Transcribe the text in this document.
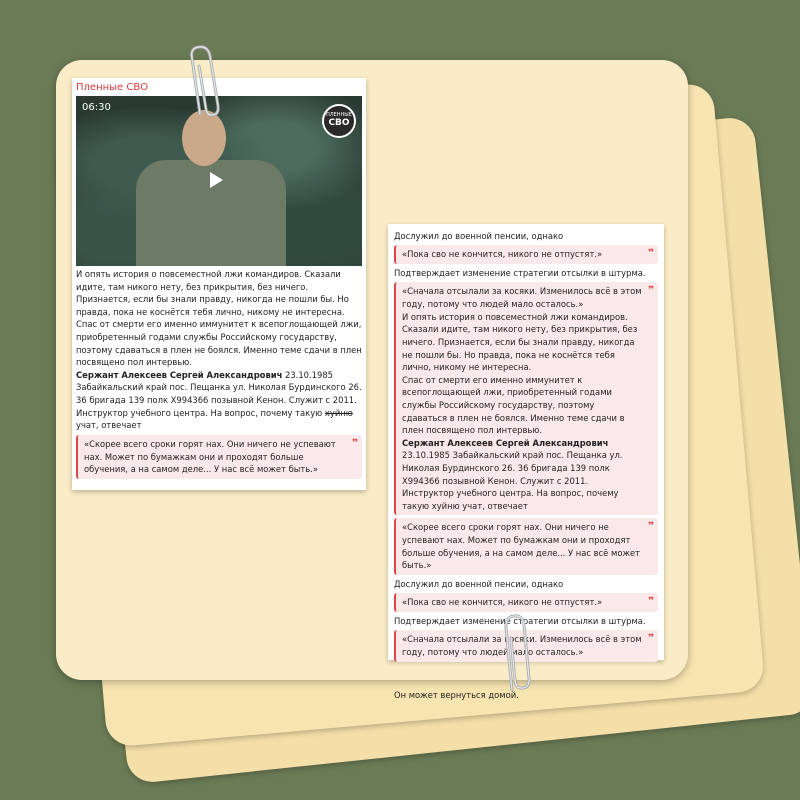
Пленные СВО
06:30
ПЛЕННЫЕ
СВО

И опять история о повсеместной лжи командиров. Сказали идите, там никого нету, без прикрытия, без ничего. Признается, если бы знали правду, никогда не пошли бы. Но правда, пока не коснётся тебя лично, никому не интересна.

Спас от смерти его именно иммунитет к всепоглощающей лжи, приобретенный годами службы Российскому государству, поэтому сдаваться в плен не боялся. Именно теме сдачи в плен посвящено пол интервью.

Сержант Алексеев Сергей Александрович 23.10.1985 Забайкальский край пос. Пещанка ул. Николая Бурдинского 26. 36 бригада 139 полк Х994366 позывной Кенон. Служит с 2011. Инструктор учебного центра. На вопрос, почему такую хуйню учат, отвечает

«Скорее всего сроки горят нах. Они ничего не успевают нах. Может по бумажкам они и проходят больше обучения, а на самом деле... У нас всё может быть.»
❞
Дослужил до военной пенсии, однако
«Пока сво не кончится, никого не отпустят.»	❞
Подтверждает изменение стратегии отсылки в штурма.
«Сначала отсылали за косяки. Изменилось всё в этом году, потому что людей мало осталось.»
И опять история о повсеместной лжи командиров. Сказали идите, там никого нету, без прикрытия, без ничего. Признается, если бы знали правду, никогда не пошли бы. Но правда, пока не коснётся тебя лично, никому не интересна.
Спас от смерти его именно иммунитет к всепоглощающей лжи, приобретенный годами службы Российскому государству, поэтому сдаваться в плен не боялся. Именно теме сдачи в плен посвящено пол интервью.
Сержант Алексеев Сергей Александрович 23.10.1985 Забайкальский край пос. Пещанка ул. Николая Бурдинского 26. 36 бригада 139 полк Х994366 позывной Кенон. Служит с 2011. Инструктор учебного центра. На вопрос, почему такую хуйню учат, отвечает
❞
«Скорее всего сроки горят нах. Они ничего не успевают нах. Может по бумажкам они и проходят больше обучения, а на самом деле... У нас всё может быть.»
❞
Дослужил до военной пенсии, однако
«Пока сво не кончится, никого не отпустят.»	❞
Подтверждает изменение стратегии отсылки в штурма.
«Сначала отсылали за косяки. Изменилось всё в этом году, потому что людей мало осталось.»
❞
Он может вернуться домой.
